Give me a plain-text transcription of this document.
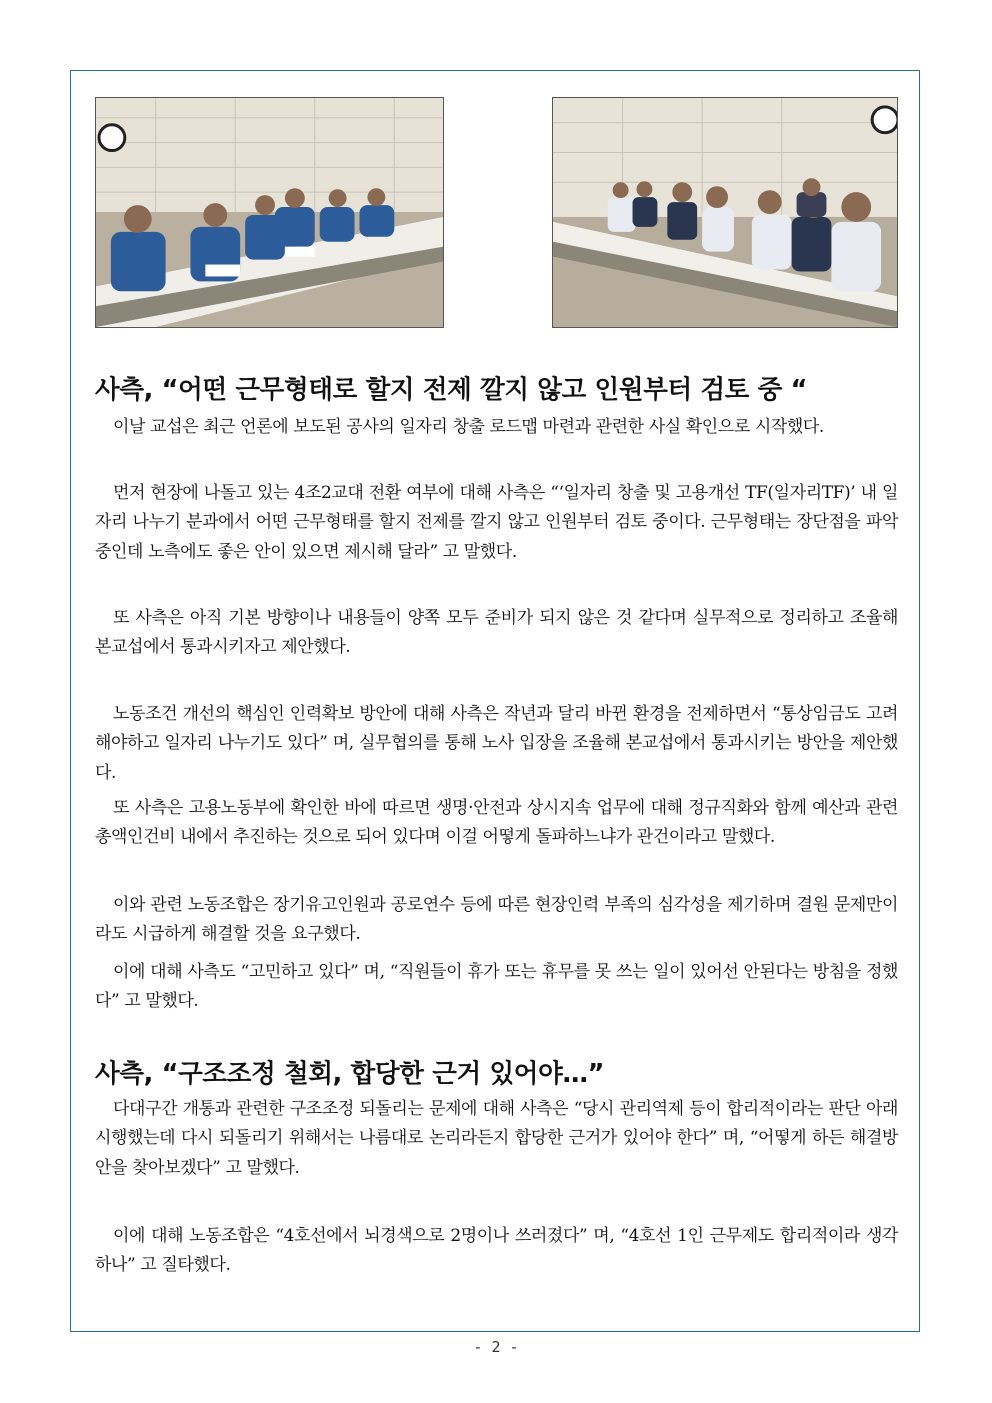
사측, “어떤 근무형태로 할지 전제 깔지 않고 인원부터 검토 중 “

이날 교섭은 최근 언론에 보도된 공사의 일자리 창출 로드맵 마련과 관련한 사실 확인으로 시작했다.

먼저 현장에 나돌고 있는 4조2교대 전환 여부에 대해 사측은 “‘일자리 창출 및 고용개선 TF(일자리TF)’ 내 일자리 나누기 분과에서 어떤 근무형태를 할지 전제를 깔지 않고 인원부터 검토 중이다. 근무형태는 장단점을 파악 중인데 노측에도 좋은 안이 있으면 제시해 달라” 고 말했다.

또 사측은 아직 기본 방향이나 내용들이 양쪽 모두 준비가 되지 않은 것 같다며 실무적으로 정리하고 조율해 본교섭에서 통과시키자고 제안했다.

노동조건 개선의 핵심인 인력확보 방안에 대해 사측은 작년과 달리 바뀐 환경을 전제하면서 “통상임금도 고려해야하고 일자리 나누기도 있다” 며, 실무협의를 통해 노사 입장을 조율해 본교섭에서 통과시키는 방안을 제안했다.

또 사측은 고용노동부에 확인한 바에 따르면 생명·안전과 상시지속 업무에 대해 정규직화와 함께 예산과 관련 총액인건비 내에서 추진하는 것으로 되어 있다며 이걸 어떻게 돌파하느냐가 관건이라고 말했다.

이와 관련 노동조합은 장기유고인원과 공로연수 등에 따른 현장인력 부족의 심각성을 제기하며 결원 문제만이라도 시급하게 해결할 것을 요구했다.

이에 대해 사측도 “고민하고 있다” 며, “직원들이 휴가 또는 휴무를 못 쓰는 일이 있어선 안된다는 방침을 정했다” 고 말했다.

사측, “구조조정 철회, 합당한 근거 있어야…”

다대구간 개통과 관련한 구조조정 되돌리는 문제에 대해 사측은 “당시 관리역제 등이 합리적이라는 판단 아래 시행했는데 다시 되돌리기 위해서는 나름대로 논리라든지 합당한 근거가 있어야 한다” 며, “어떻게 하든 해결방안을 찾아보겠다” 고 말했다.

이에 대해 노동조합은 “4호선에서 뇌경색으로 2명이나 쓰러졌다” 며, “4호선 1인 근무제도 합리적이라 생각하나” 고 질타했다.

- 2 -
